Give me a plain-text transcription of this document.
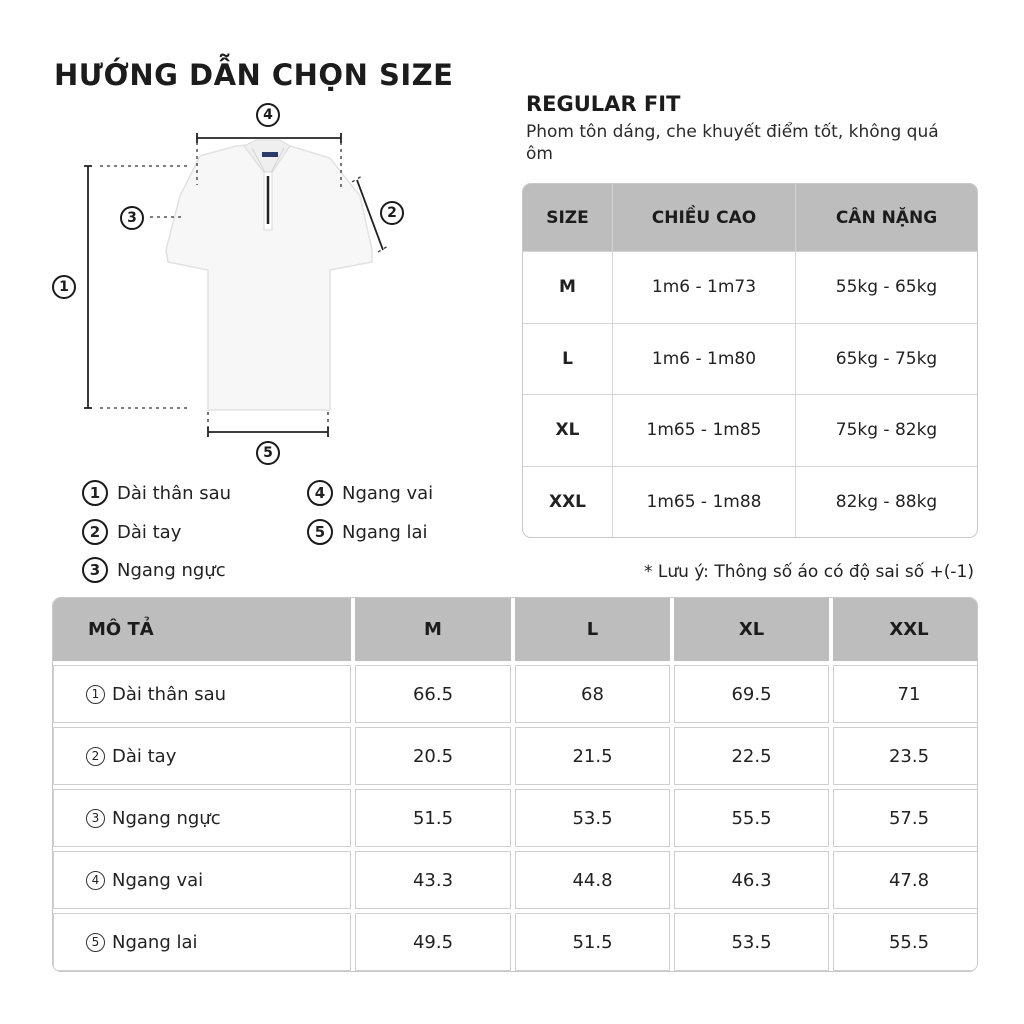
HƯỚNG DẪN CHỌN SIZE
REGULAR FIT
Phom tôn dáng, che khuyết điểm tốt, không quá ôm
1
2
3
4
5
1 Dài thân sau
2 Dài tay
3 Ngang ngực
4 Ngang vai
5 Ngang lai
SIZE	CHIỀU CAO	CÂN NẶNG
M	1m6 - 1m73	55kg - 65kg
L	1m6 - 1m80	65kg - 75kg
XL	1m65 - 1m85	75kg - 82kg
XXL	1m65 - 1m88	82kg - 88kg
* Lưu ý: Thông số áo có độ sai số +(-1)
MÔ TẢ	M	L	XL	XXL
1 Dài thân sau	66.5	68	69.5	71
2 Dài tay	20.5	21.5	22.5	23.5
3 Ngang ngực	51.5	53.5	55.5	57.5
4 Ngang vai	43.3	44.8	46.3	47.8
5 Ngang lai	49.5	51.5	53.5	55.5
